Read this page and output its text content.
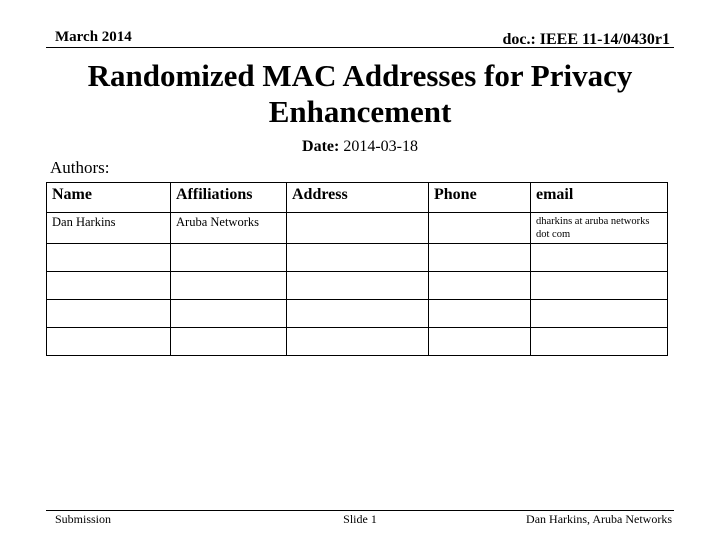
March 2014	doc.: IEEE 11-14/0430r1
Randomized MAC Addresses for Privacy Enhancement
Date: 2014-03-18
Authors:
Name	Affiliations	Address	Phone	email
Dan Harkins	Aruba Networks			dharkins at aruba networks dot com

Submission	Slide 1	Dan Harkins, Aruba Networks
